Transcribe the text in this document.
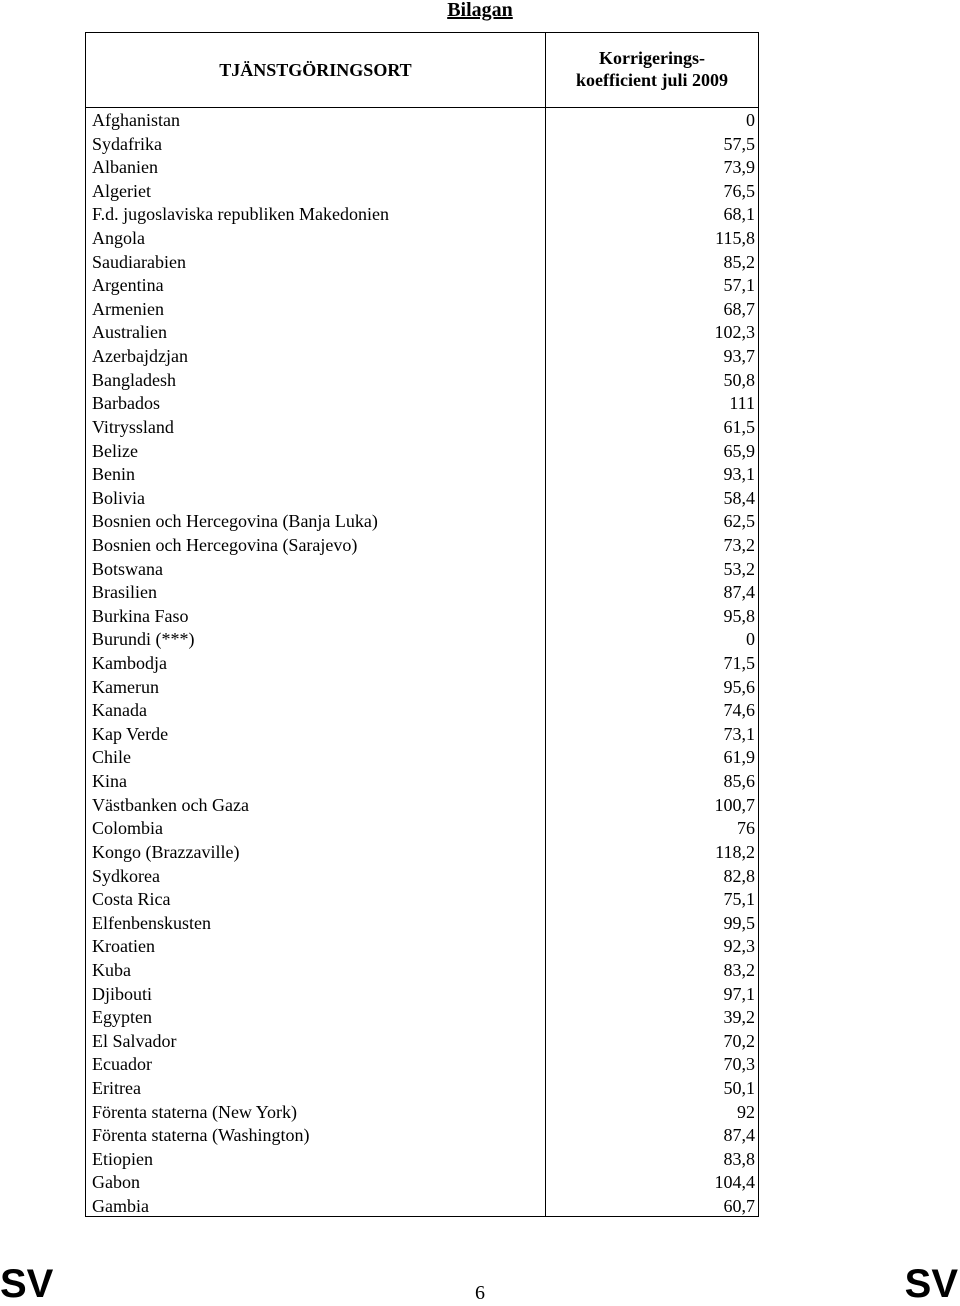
Bilagan
TJÄNSTGÖRINGSORT
Korrigerings-
koefficient juli 2009
Afghanistan	0
Sydafrika	57,5
Albanien	73,9
Algeriet	76,5
F.d. jugoslaviska republiken Makedonien	68,1
Angola	115,8
Saudiarabien	85,2
Argentina	57,1
Armenien	68,7
Australien	102,3
Azerbajdzjan	93,7
Bangladesh	50,8
Barbados	111
Vitryssland	61,5
Belize	65,9
Benin	93,1
Bolivia	58,4
Bosnien och Hercegovina (Banja Luka)	62,5
Bosnien och Hercegovina (Sarajevo)	73,2
Botswana	53,2
Brasilien	87,4
Burkina Faso	95,8
Burundi (***)	0
Kambodja	71,5
Kamerun	95,6
Kanada	74,6
Kap Verde	73,1
Chile	61,9
Kina	85,6
Västbanken och Gaza	100,7
Colombia	76
Kongo (Brazzaville)	118,2
Sydkorea	82,8
Costa Rica	75,1
Elfenbenskusten	99,5
Kroatien	92,3
Kuba	83,2
Djibouti	97,1
Egypten	39,2
El Salvador	70,2
Ecuador	70,3
Eritrea	50,1
Förenta staterna (New York)	92
Förenta staterna (Washington)	87,4
Etiopien	83,8
Gabon	104,4
Gambia	60,7
SV	6	SV
